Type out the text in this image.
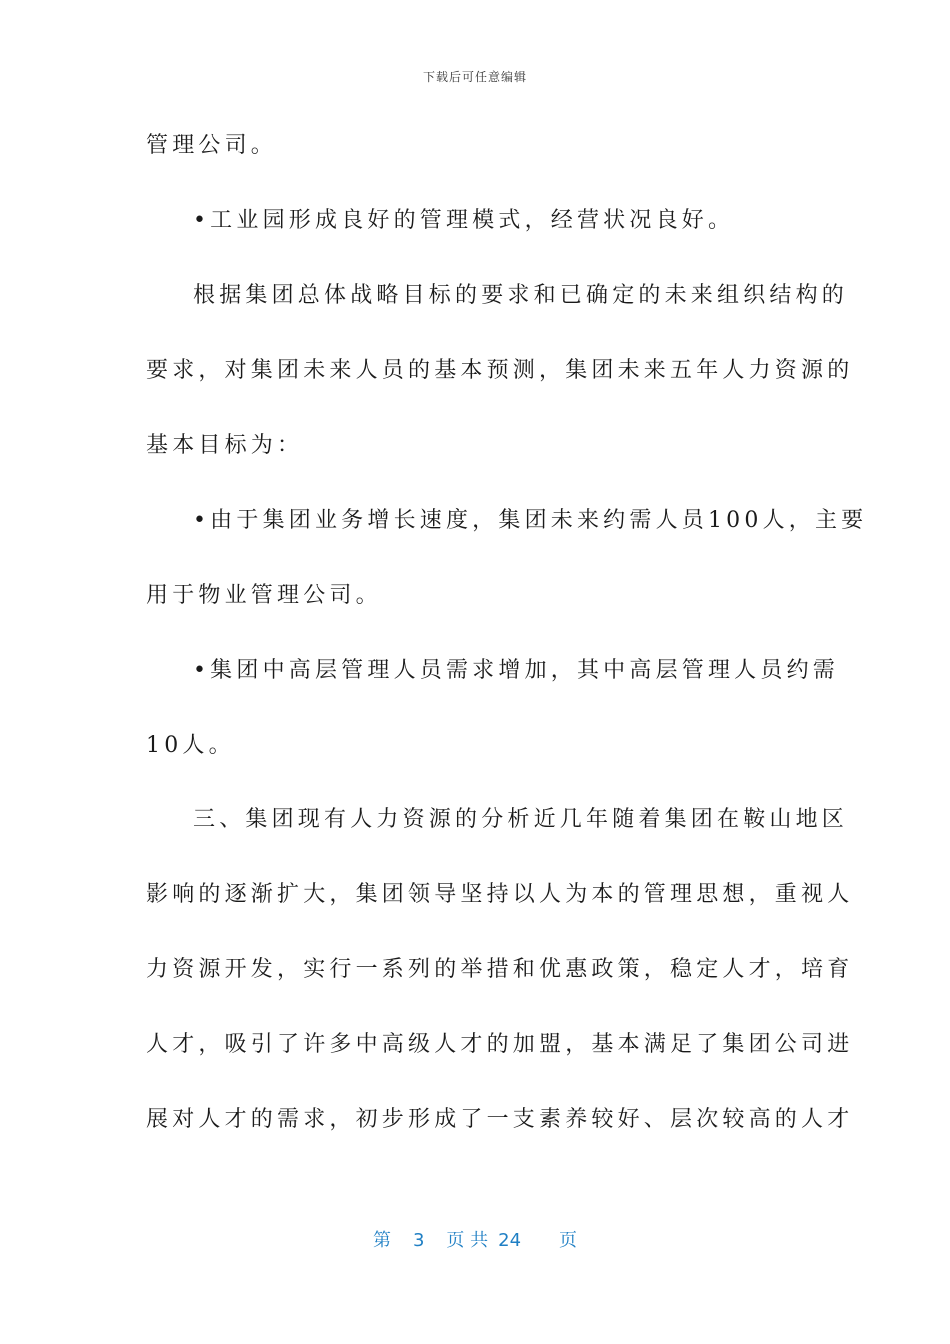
下载后可任意编辑
管理公司。
•工业园形成良好的管理模式，经营状况良好。
根据集团总体战略目标的要求和已确定的未来组织结构的
要求，对集团未来人员的基本预测，集团未来五年人力资源的
基本目标为：
•由于集团业务增长速度，集团未来约需人员100人，主要
用于物业管理公司。
•集团中高层管理人员需求增加，其中高层管理人员约需
10人。
三、集团现有人力资源的分析近几年随着集团在鞍山地区
影响的逐渐扩大，集团领导坚持以人为本的管理思想，重视人
力资源开发，实行一系列的举措和优惠政策，稳定人才，培育
人才，吸引了许多中高级人才的加盟，基本满足了集团公司进
展对人才的需求，初步形成了一支素养较好、层次较高的人才
第 3 页 共 24 页
